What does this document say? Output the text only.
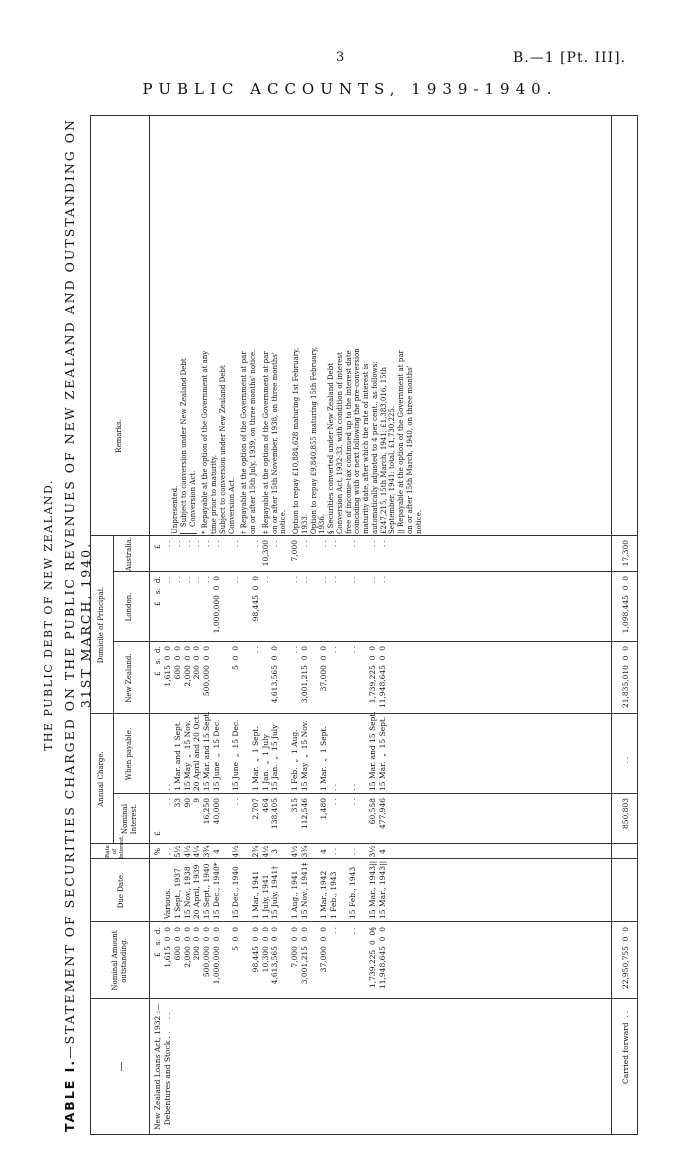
3	B.—1 [Pt. III].
PUBLIC ACCOUNTS, 1939-1940.
THE PUBLIC DEBT OF NEW ZEALAND.
TABLE I.—STATEMENT OF SECURITIES CHARGED ON THE PUBLIC REVENUES OF NEW ZEALAND AND OUTSTANDING ON 31ST MARCH, 1940.
—
Nominal Amount outstanding.
Due Date.
Rate of Interest.
Annual Charge.
Nominal Interest.
When payable.
Domicile of Principal.
New Zealand.
London.
Australia.
Remarks.
£   s.  d.
%
£
£   s.  d.
£   s.  d.
£
New Zealand Loans Act, 1932 :—
Debentures and Stock . .     . .
1,615  0  0
600  0  0
2,000  0  0
200  0  0
500,000  0  0
1,000,000  0  0

5  0  0

98,445  0  0
10,300  0  0
4,613,565  0  0

7,000  0  0
3,001,215  0  0

37,000  0  0
. .

. .

1,739,225  0  0§
11,948,645  0  0
Various.
1 Sept., 1937
15 Nov., 1938
20 April, 1939
15 Sept., 1940
15 Dec., 1940*

15 Dec., 1940

1 Mar., 1941
1 July, 1941
15 July, 1941†

1 Aug., 1941
15 Nov., 1941‡

1 Mar., 1942
1 Feb., 1943

15 Feb., 1943

15 Mar., 1943||
15 Mar., 1943||
. .
5½
4½
4¼
3¾
4

4½

2¾
4½
3

4½
3¾

4
. .

. .

3½
4
. .
33
90
9
16,250
40,000

. .

2,707
464
138,405

315
112,546

1,480
. .

. .

60,558
477,946
. .
1 Mar. and 1 Sept.
15 May  „  15 Nov.
20 April and 20 Oct.
15 Mar. and 15 Sept.
15 June  „  15 Dec.

15 June  „  15 Dec.

1 Mar.  „  1 Sept.
1 Jan.  „  1 July
15 Jan.  „  15 July

1 Feb.  „  1 Aug.
15 May  „  15 Nov.

1 Mar.  „  1 Sept.
. .

. .

15 Mar. and 15 Sept.
15 Mar.  „  15 Sept.
1,615  0  0
600  0  0
2,000  0  0
200  0  0
500,000  0  0

5  0  0

. .

4,613,565  0  0

. .
3,001,215  0  0

37,000  0  0
. .

. .

1,739,225  0  0
11,948,645  0  0
. .
. .
. .
. .
. .
1,000,000  0  0

. .

98,445  0  0
. .

. .
. .

. .
. .

. .

. .
. .
. .
. .
. .
. .
. .
. .

. .

. .
10,300
. .

7,000
. .

. .
. .

. .

. .
. .
Unpresented. Subject to conversion under New Zealand Debt Conversion Act. * Repayable at the option of the Government at any time prior to maturity. Subject to conversion under New Zealand Debt Conversion Act. † Repayable at the option of the Government at par on or after 15th July, 1939, on three months' notice. ‡ Repayable at the option of the Government at par on or after 15th November, 1938, on three months' notice. Option to repay £10,884,628 maturing 1st February, 1933. Option to repay £9,840,855 maturing 15th February, 1936. § Securities converted under New Zealand Debt Conversion Act, 1932-33, with condition of interest free of income-tax continued up to the interest date coinciding with or next following the pre-conversion maturity date, after which the rate of interest is automatically adjusted to 4 per cent., as follows: £247,215, 15th March, 1941; £1,383,016, 15th September, 1941: total, £1,730,225. || Repayable at the option of the Government at par on or after 15th March, 1940, on three months' notice.
Carried forward  . .
22,950,755  0  0
850,803
. .
21,835,010  0  0
1,098,445  0  0
17,300
